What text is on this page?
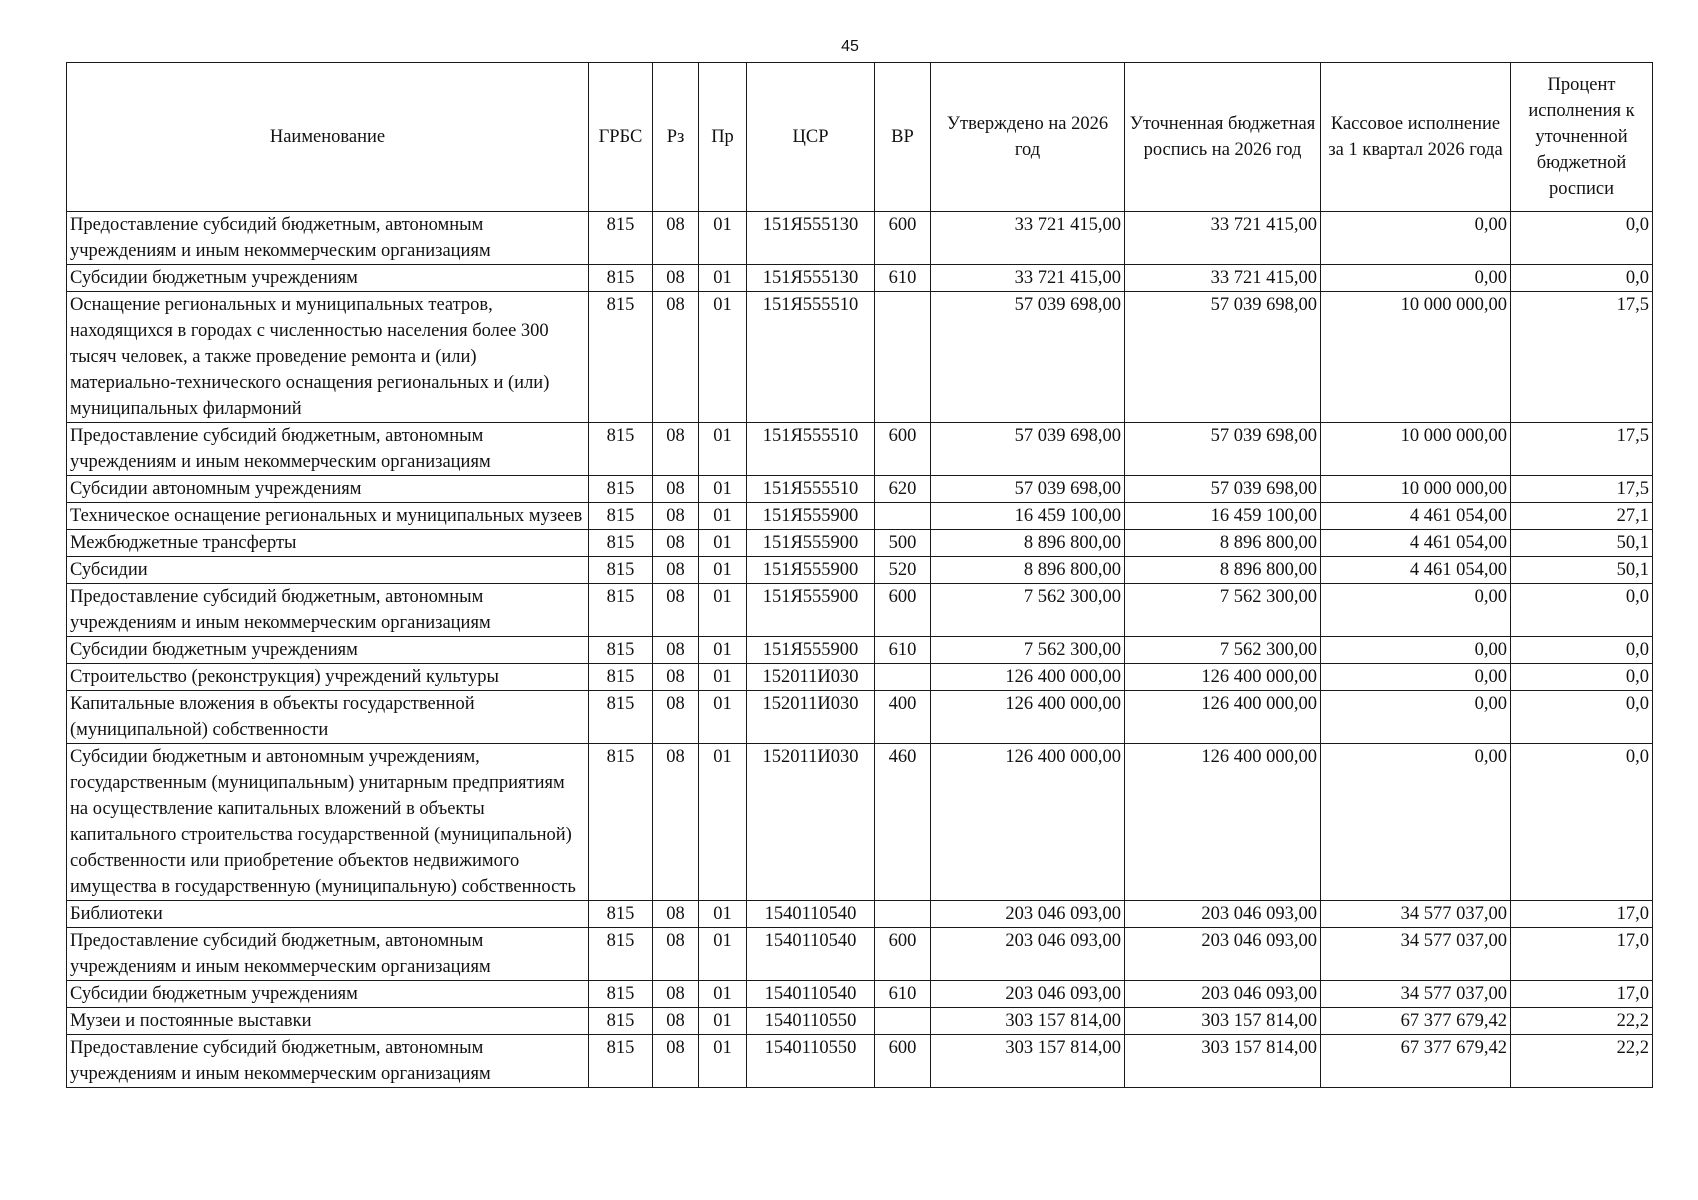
45
Наименование	ГРБС	Рз	Пр	ЦСР	ВР	Утверждено на 2026 год	Уточненная бюджетная роспись на 2026 год	Кассовое исполнение за 1 квартал 2026 года	Процент исполнения к уточненной бюджетной росписи
Предоставление субсидий бюджетным, автономным учреждениям и иным некоммерческим организациям	815	08	01	151Я555130	600	33 721 415,00	33 721 415,00	0,00	0,0
Субсидии бюджетным учреждениям	815	08	01	151Я555130	610	33 721 415,00	33 721 415,00	0,00	0,0
Оснащение региональных и муниципальных театров, находящихся в городах с численностью населения более 300 тысяч человек, а также проведение ремонта и (или) материально-технического оснащения региональных и (или) муниципальных филармоний	815	08	01	151Я555510		57 039 698,00	57 039 698,00	10 000 000,00	17,5
Предоставление субсидий бюджетным, автономным учреждениям и иным некоммерческим организациям	815	08	01	151Я555510	600	57 039 698,00	57 039 698,00	10 000 000,00	17,5
Субсидии автономным учреждениям	815	08	01	151Я555510	620	57 039 698,00	57 039 698,00	10 000 000,00	17,5
Техническое оснащение региональных и муниципальных музеев	815	08	01	151Я555900		16 459 100,00	16 459 100,00	4 461 054,00	27,1
Межбюджетные трансферты	815	08	01	151Я555900	500	8 896 800,00	8 896 800,00	4 461 054,00	50,1
Субсидии	815	08	01	151Я555900	520	8 896 800,00	8 896 800,00	4 461 054,00	50,1
Предоставление субсидий бюджетным, автономным учреждениям и иным некоммерческим организациям	815	08	01	151Я555900	600	7 562 300,00	7 562 300,00	0,00	0,0
Субсидии бюджетным учреждениям	815	08	01	151Я555900	610	7 562 300,00	7 562 300,00	0,00	0,0
Строительство (реконструкция) учреждений культуры	815	08	01	152011И030		126 400 000,00	126 400 000,00	0,00	0,0
Капитальные вложения в объекты государственной (муниципальной) собственности	815	08	01	152011И030	400	126 400 000,00	126 400 000,00	0,00	0,0
Субсидии бюджетным и автономным учреждениям, государственным (муниципальным) унитарным предприятиям на осуществление капитальных вложений в объекты капитального строительства государственной (муниципальной) собственности или приобретение объектов недвижимого имущества в государственную (муниципальную) собственность	815	08	01	152011И030	460	126 400 000,00	126 400 000,00	0,00	0,0
Библиотеки	815	08	01	1540110540		203 046 093,00	203 046 093,00	34 577 037,00	17,0
Предоставление субсидий бюджетным, автономным учреждениям и иным некоммерческим организациям	815	08	01	1540110540	600	203 046 093,00	203 046 093,00	34 577 037,00	17,0
Субсидии бюджетным учреждениям	815	08	01	1540110540	610	203 046 093,00	203 046 093,00	34 577 037,00	17,0
Музеи и постоянные выставки	815	08	01	1540110550		303 157 814,00	303 157 814,00	67 377 679,42	22,2
Предоставление субсидий бюджетным, автономным учреждениям и иным некоммерческим организациям	815	08	01	1540110550	600	303 157 814,00	303 157 814,00	67 377 679,42	22,2
